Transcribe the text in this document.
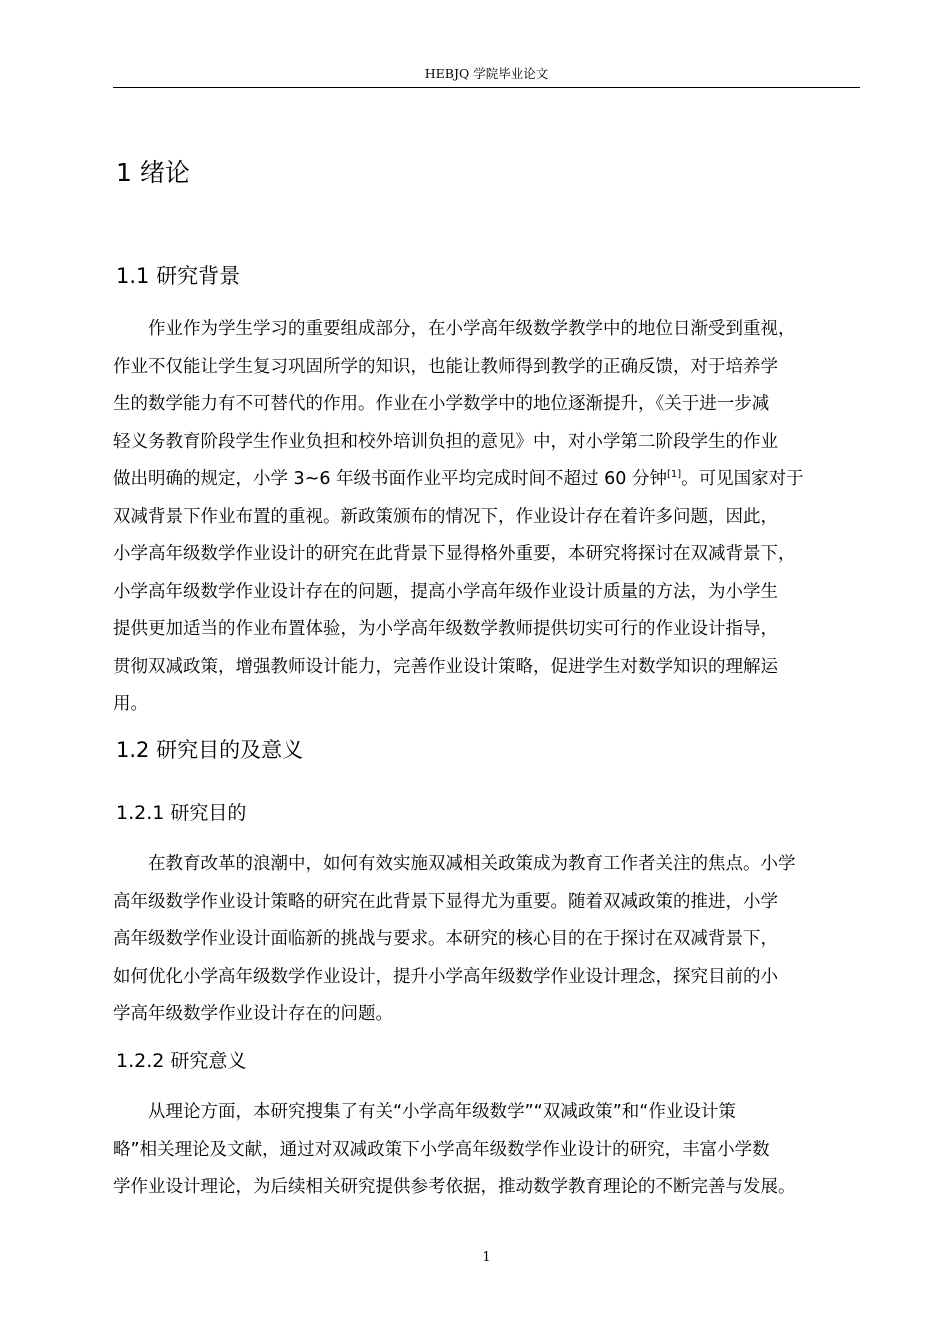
HEBJQ 学院毕业论文
1 绪论
1.1 研究背景
作业作为学生学习的重要组成部分，在小学高年级数学教学中的地位日渐受到重视，
作业不仅能让学生复习巩固所学的知识，也能让教师得到教学的正确反馈，对于培养学
生的数学能力有不可替代的作用。作业在小学数学中的地位逐渐提升，《关于进一步减
轻义务教育阶段学生作业负担和校外培训负担的意见》中，对小学第二阶段学生的作业
做出明确的规定，小学 3~6 年级书面作业平均完成时间不超过 60 分钟[1]。可见国家对于
双减背景下作业布置的重视。新政策颁布的情况下，作业设计存在着许多问题，因此，
小学高年级数学作业设计的研究在此背景下显得格外重要，本研究将探讨在双减背景下，
小学高年级数学作业设计存在的问题，提高小学高年级作业设计质量的方法，为小学生
提供更加适当的作业布置体验，为小学高年级数学教师提供切实可行的作业设计指导，
贯彻双减政策，增强教师设计能力，完善作业设计策略，促进学生对数学知识的理解运
用。
1.2 研究目的及意义
1.2.1 研究目的
在教育改革的浪潮中，如何有效实施双减相关政策成为教育工作者关注的焦点。小学
高年级数学作业设计策略的研究在此背景下显得尤为重要。随着双减政策的推进，小学
高年级数学作业设计面临新的挑战与要求。本研究的核心目的在于探讨在双减背景下，
如何优化小学高年级数学作业设计，提升小学高年级数学作业设计理念，探究目前的小
学高年级数学作业设计存在的问题。
1.2.2 研究意义
从理论方面，本研究搜集了有关“小学高年级数学”“双减政策”和“作业设计策
略”相关理论及文献，通过对双减政策下小学高年级数学作业设计的研究，丰富小学数
学作业设计理论，为后续相关研究提供参考依据，推动数学教育理论的不断完善与发展。
1
